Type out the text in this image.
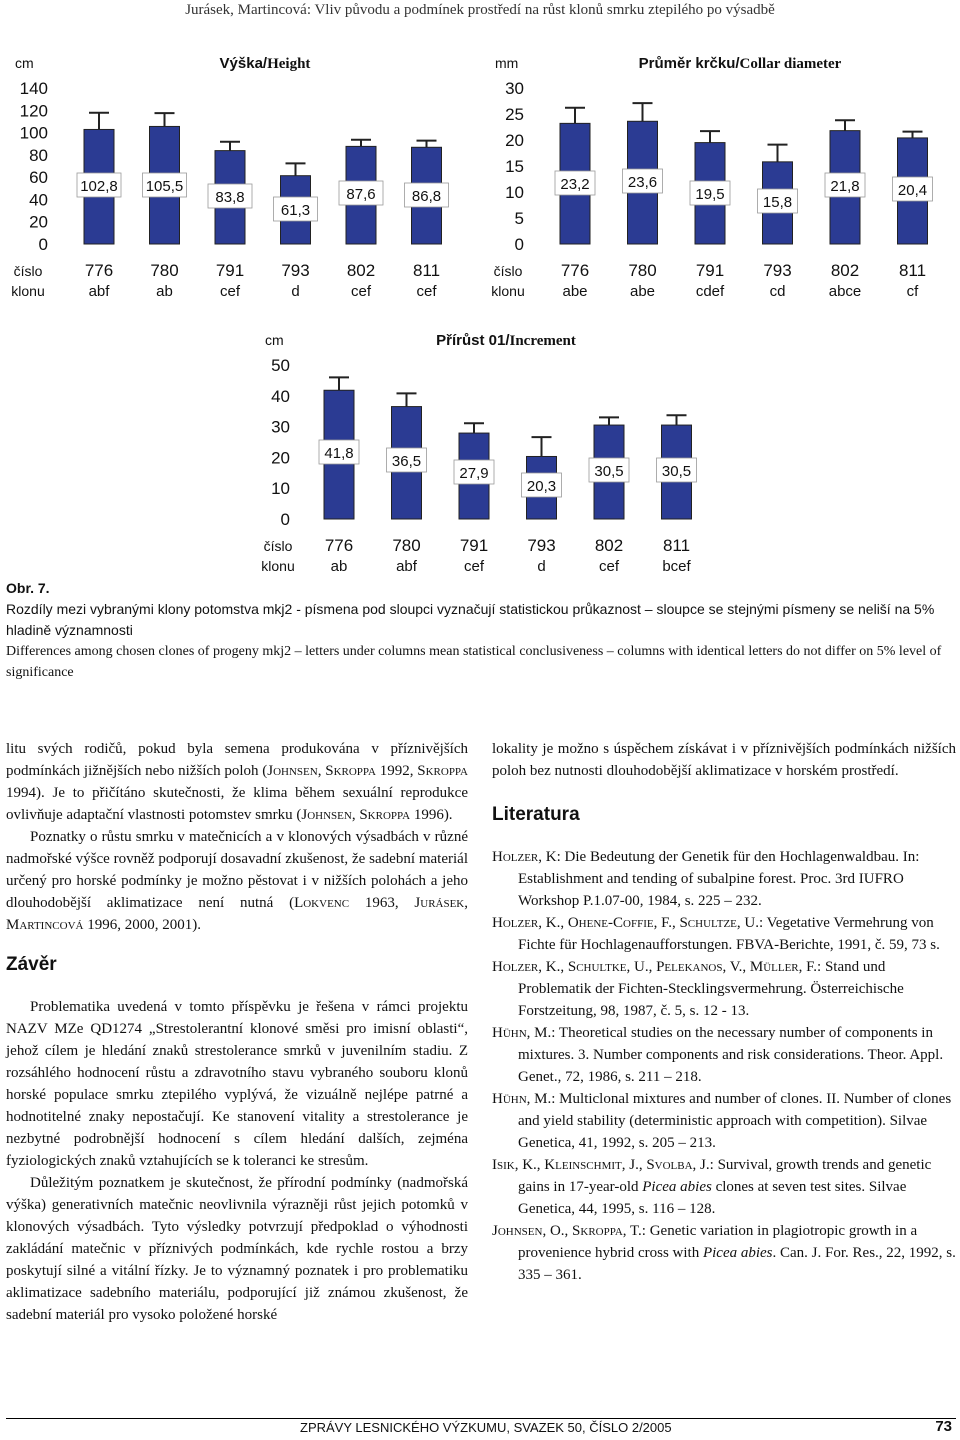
Jurásek, Martincová: Vliv původu a podmínek prostředí na růst klonů smrku ztepilého po výsadbě
cm	Výška/Height
0
20
40
60
80
100
120
140
číslo
klonu
102,8
776
abf
105,5
780
ab
83,8
791
cef
61,3
793
d
87,6
802
cef
86,8
811
cef
mm	Průměr krčku/Collar diameter
0
5
10
15
20
25
30
číslo
klonu
23,2
776
abe
23,6
780
abe
19,5
791
cdef
15,8
793
cd
21,8
802
abce
20,4
811
cf
cm	Přírůst 01/Increment
0
10
20
30
40
50
číslo
klonu
41,8
776
ab
36,5
780
abf
27,9
791
cef
20,3
793
d
30,5
802
cef
30,5
811
bcef

Obr. 7.

Rozdíly mezi vybranými klony potomstva mkj2 - písmena pod sloupci vyznačují statistickou průkaznost – sloupce se stejnými písmeny se neliší na 5% hladině významnosti

Differences among chosen clones of progeny mkj2 – letters under columns mean statistical conclusiveness – columns with identical letters do not differ on 5% level of significance

litu svých rodičů, pokud byla semena produkována v příznivějších podmínkách jižnějších nebo nižších poloh (Johnsen, Skroppa 1992, Skroppa 1994). Je to přičítáno skutečnosti, že klima během sexuální reprodukce ovlivňuje adaptační vlastnosti potomstev smrku (Johnsen, Skroppa 1996).

Poznatky o růstu smrku v matečnicích a v klonových výsadbách v různé nadmořské výšce rovněž podporují dosavadní zkušenost, že sadební materiál určený pro horské podmínky je možno pěstovat i v nižších polohách a jeho dlouhodobější aklimatizace není nutná (Lokvenc 1963, Jurásek, Martincová 1996, 2000, 2001).

Závěr

Problematika uvedená v tomto příspěvku je řešena v rámci projektu NAZV MZe QD1274 „Strestolerantní klonové směsi pro imisní oblasti“, jehož cílem je hledání znaků strestolerance smrků v juvenilním stadiu. Z rozsáhlého hodnocení růstu a zdravotního stavu vybraného souboru klonů horské populace smrku ztepilého vyplývá, že vizuálně nejlépe patrné a hodnotitelné znaky nepostačují. Ke stanovení vitality a strestolerance je nezbytné podrobnější hodnocení s cílem hledání dalších, zejména fyziologických znaků vztahujících se k toleranci ke stresům.

Důležitým poznatkem je skutečnost, že přírodní podmínky (nadmořská výška) generativních matečnic neovlivnila výrazněji růst jejich potomků v klonových výsadbách. Tyto výsledky potvrzují předpoklad o výhodnosti zakládání matečnic v příznivých podmínkách, kde rychle rostou a brzy poskytují silné a vitální řízky. Je to významný poznatek i pro problematiku aklimatizace sadebního materiálu, podporující již známou zkušenost, že sadební materiál pro vysoko položené horské

lokality je možno s úspěchem získávat i v příznivějších podmínkách nižších poloh bez nutnosti dlouhodobější aklimatizace v horském prostředí.

Literatura

Holzer, K: Die Bedeutung der Genetik für den Hochlagenwaldbau. In: Establishment and tending of subalpine forest. Proc. 3rd IUFRO Workshop P.1.07-00, 1984, s. 225 – 232.

Holzer, K., Ohene-Coffie, F., Schultze, U.: Vegetative Vermehrung von Fichte für Hochlagenaufforstungen. FBVA-Berichte, 1991, č. 59, 73 s.

Holzer, K., Schultke, U., Pelekanos, V., Müller, F.: Stand und Problematik der Fichten-Stecklingsvermehrung. Österreichische Forstzeitung, 98, 1987, č. 5, s. 12 - 13.

Hühn, M.: Theoretical studies on the necessary number of components in mixtures. 3. Number components and risk considerations. Theor. Appl. Genet., 72, 1986, s. 211 – 218.

Hühn, M.: Multiclonal mixtures and number of clones. II. Number of clones and yield stability (deterministic approach with competition). Silvae Genetica, 41, 1992, s. 205 – 213.

Isik, K., Kleinschmit, J., Svolba, J.: Survival, growth trends and genetic gains in 17-year-old Picea abies clones at seven test sites. Silvae Genetica, 44, 1995, s. 116 – 128.

Johnsen, O., Skroppa, T.: Genetic variation in plagiotropic growth in a provenience hybrid cross with Picea abies. Can. J. For. Res., 22, 1992, s. 335 – 361.

ZPRÁVY LESNICKÉHO VÝZKUMU, SVAZEK 50, ČÍSLO 2/2005	73
